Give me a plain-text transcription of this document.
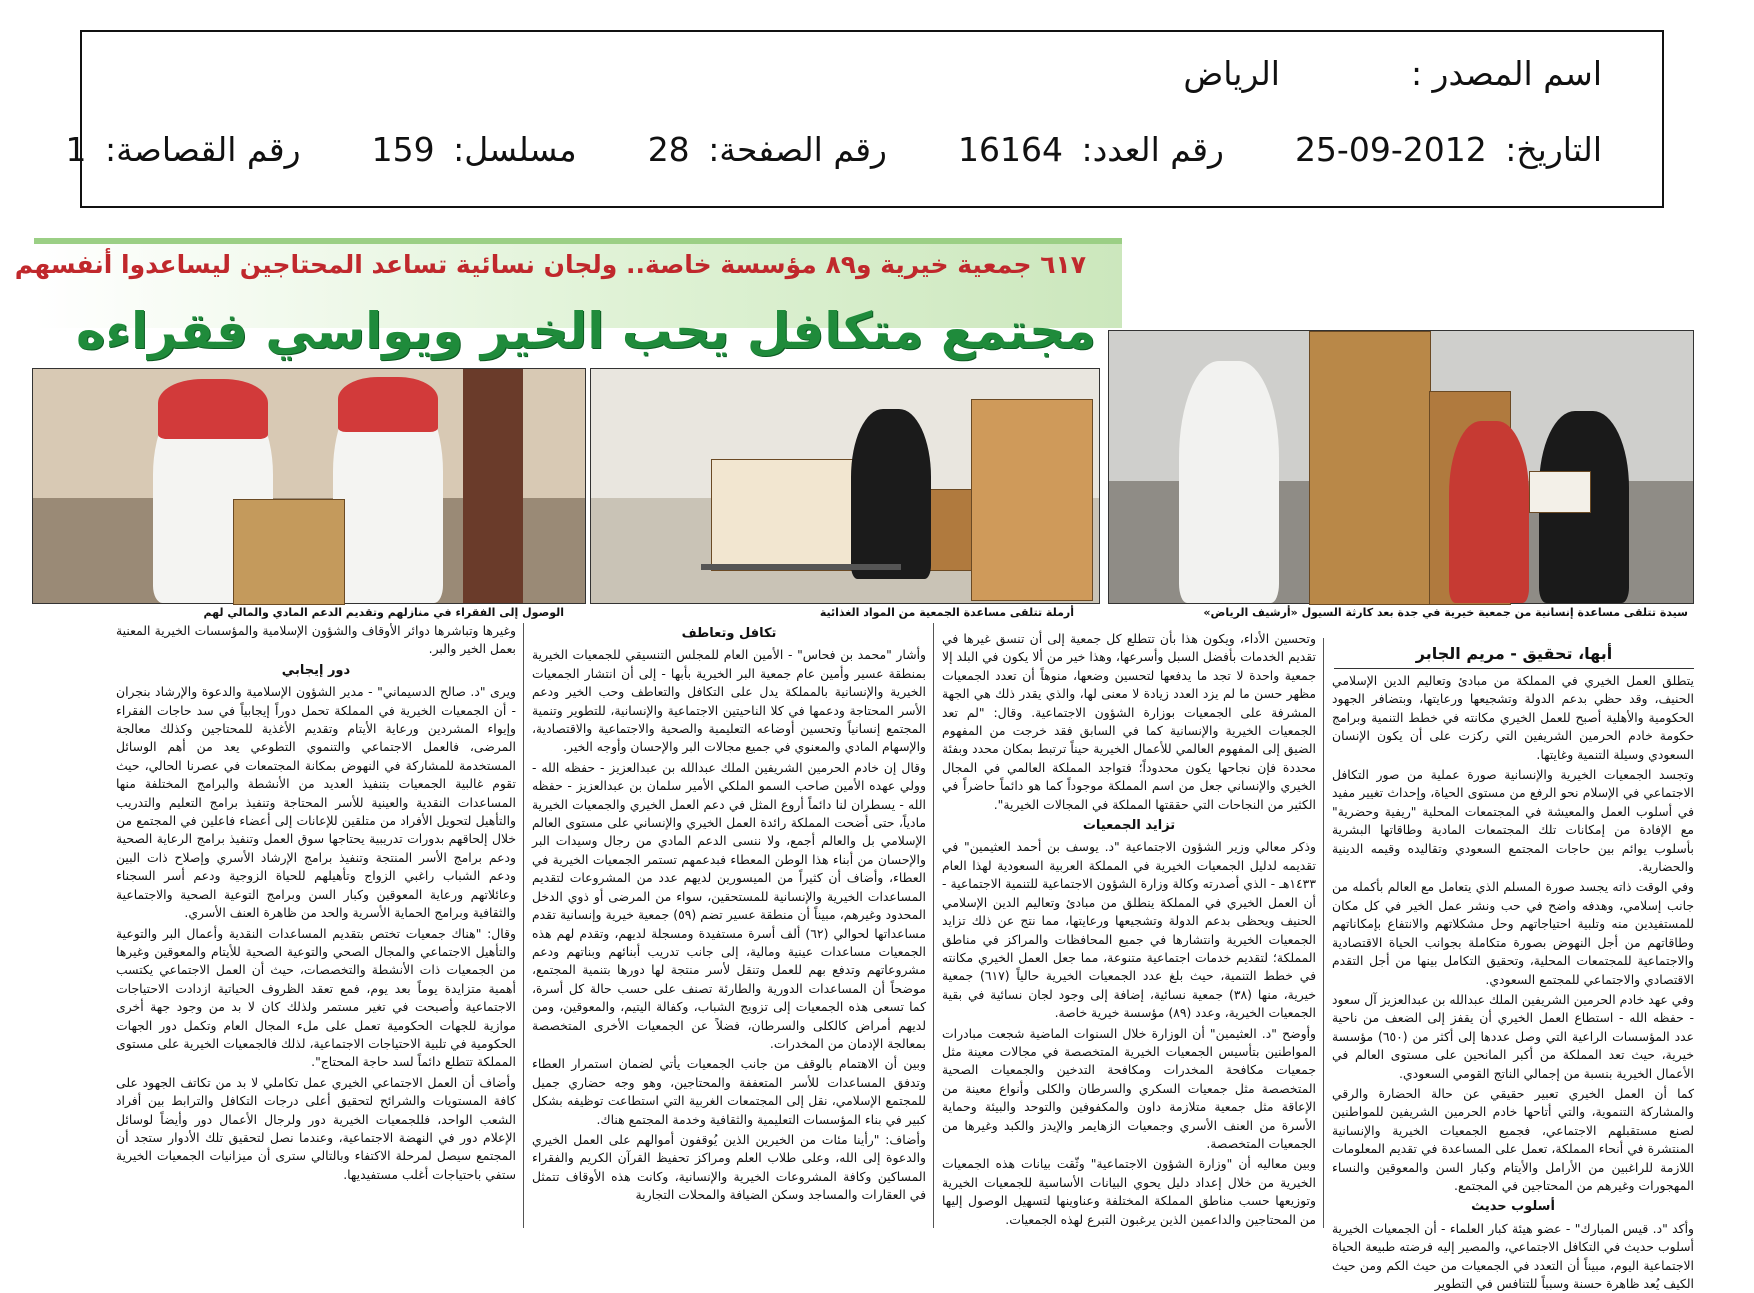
اسم المصدر :  الرياض
التاريخ: 25-09-2012  رقم العدد: 16164  رقم الصفحة: 28  مسلسل: 159  رقم القصاصة: 1
٦١٧ جمعية خيرية و٨٩ مؤسسة خاصة.. ولجان نسائية تساعد المحتاجين ليساعدوا أنفسهم
مجتمع متكافل يحب الخير ويواسي فقراءه
الوصول إلى الفقراء في منازلهم وتقديم الدعم المادي والمالي لهم	أرملة تتلقى مساعدة الجمعية من المواد الغذائية	سيدة تتلقى مساعدة إنسانية من جمعية خيرية في جدة بعد كارثة السيول «أرشيف الرياض»
أبها، تحقيق - مريم الجابر

يتطلق العمل الخيري في المملكة من مبادئ وتعاليم الدين الإسلامي الحنيف، وقد حظي بدعم الدولة وتشجيعها ورعايتها، وبتضافر الجهود الحكومية والأهلية أصبح للعمل الخيري مكانته في خطط التنمية وبرامج حكومة خادم الحرمين الشريفين التي ركزت على أن يكون الإنسان السعودي وسيلة التنمية وغايتها.

وتجسد الجمعيات الخيرية والإنسانية صورة عملية من صور التكافل الاجتماعي في الإسلام نحو الرفع من مستوى الحياة، وإحداث تغيير مفيد في أسلوب العمل والمعيشة في المجتمعات المحلية "ريفية وحضرية" مع الإفادة من إمكانات تلك المجتمعات المادية وطاقاتها البشرية بأسلوب يوائم بين حاجات المجتمع السعودي وتقاليده وقيمه الدينية والحضارية.

وفي الوقت ذاته يجسد صورة المسلم الذي يتعامل مع العالم بأكمله من جانب إسلامي، وهدفه واضح في حب ونشر عمل الخير في كل مكان للمستفيدين منه وتلبية احتياجاتهم وحل مشكلاتهم والانتفاع بإمكاناتهم وطاقاتهم من أجل النهوض بصورة متكاملة بجوانب الحياة الاقتصادية والاجتماعية للمجتمعات المحلية، وتحقيق التكامل بينها من أجل التقدم الاقتصادي والاجتماعي للمجتمع السعودي.

وفي عهد خادم الحرمين الشريفين الملك عبدالله بن عبدالعزيز آل سعود - حفظه الله - استطاع العمل الخيري أن يقفز إلى الضعف من ناحية عدد المؤسسات الراعية التي وصل عددها إلى أكثر من (٦٥٠) مؤسسة خيرية، حيث تعد المملكة من أكبر المانحين على مستوى العالم في الأعمال الخيرية بنسبة من إجمالي الناتج القومي السعودي.

كما أن العمل الخيري تعبير حقيقي عن حالة الحضارة والرقي والمشاركة التنموية، والتي أتاحها خادم الحرمين الشريفين للمواطنين لصنع مستقبلهم الاجتماعي، فجميع الجمعيات الخيرية والإنسانية المنتشرة في أنحاء المملكة، تعمل على المساعدة في تقديم المعلومات اللازمة للراغبين من الأرامل والأيتام وكبار السن والمعوقين والنساء المهجورات وغيرهم من المحتاجين في المجتمع.

أسلوب حديث

وأكد "د. قيس المبارك" - عضو هيئة كبار العلماء - أن الجمعيات الخيرية أسلوب حديث في التكافل الاجتماعي، والمصير إليه فرضته طبيعة الحياة الاجتماعية اليوم، مبيناً أن التعدد في الجمعيات من حيث الكم ومن حيث الكيف يُعد ظاهرة حسنة وسبباً للتنافس في التطوير

وتحسين الأداء، ويكون هذا بأن تتطلع كل جمعية إلى أن تنسق غيرها في تقديم الخدمات بأفضل السبل وأسرعها، وهذا خير من ألا يكون في البلد إلا جمعية واحدة لا تجد ما يدفعها لتحسين وضعها، منوهاً أن تعدد الجمعيات مظهر حسن ما لم يزد العدد زيادة لا معنى لها، والذي يقدر ذلك هي الجهة المشرفة على الجمعيات بوزارة الشؤون الاجتماعية. وقال: "لم تعد الجمعيات الخيرية والإنسانية كما في السابق فقد خرجت من المفهوم الضيق إلى المفهوم العالمي للأعمال الخيرية حيناً ترتبط بمكان محدد وبفئة محددة فإن نجاحها يكون محدوداً؛ فتواجد المملكة العالمي في المجال الخيري والإنساني جعل من اسم المملكة موجوداً كما هو دائماً حاضراً في الكثير من النجاحات التي حققتها المملكة في المجالات الخيرية".

تزايد الجمعيات

وذكر معالي وزير الشؤون الاجتماعية "د. يوسف بن أحمد العثيمين" في تقديمه لدليل الجمعيات الخيرية في المملكة العربية السعودية لهذا العام ١٤٣٣هـ - الذي أصدرته وكالة وزارة الشؤون الاجتماعية للتنمية الاجتماعية - أن العمل الخيري في المملكة ينطلق من مبادئ وتعاليم الدين الإسلامي الحنيف ويحظى بدعم الدولة وتشجيعها ورعايتها، مما نتج عن ذلك تزايد الجمعيات الخيرية وانتشارها في جميع المحافظات والمراكز في مناطق المملكة؛ لتقديم خدمات اجتماعية متنوعة، مما جعل العمل الخيري مكانته في خطط التنمية، حيث بلغ عدد الجمعيات الخيرية حالياً (٦١٧) جمعية خيرية، منها (٣٨) جمعية نسائية، إضافة إلى وجود لجان نسائية في بقية الجمعيات الخيرية، وعدد (٨٩) مؤسسة خيرية خاصة.

وأوضح "د. العثيمين" أن الوزارة خلال السنوات الماضية شجعت مبادرات المواطنين بتأسيس الجمعيات الخيرية المتخصصة في مجالات معينة مثل جمعيات مكافحة المخدرات ومكافحة التدخين والجمعيات الصحية المتخصصة مثل جمعيات السكري والسرطان والكلى وأنواع معينة من الإعاقة مثل جمعية متلازمة داون والمكفوفين والتوحد والبيئة وحماية الأسرة من العنف الأسري وجمعيات الزهايمر والإيدز والكبد وغيرها من الجمعيات المتخصصة.

وبين معاليه أن "وزارة الشؤون الاجتماعية" وثّقت بيانات هذه الجمعيات الخيرية من خلال إعداد دليل يحوي البيانات الأساسية للجمعيات الخيرية وتوزيعها حسب مناطق المملكة المختلفة وعناوينها لتسهيل الوصول إليها من المحتاجين والداعمين الذين يرغبون التبرع لهذه الجمعيات.

تكافل وتعاطف

وأشار "محمد بن فحاس" - الأمين العام للمجلس التنسيقي للجمعيات الخيرية بمنطقة عسير وأمين عام جمعية البر الخيرية بأبها - إلى أن انتشار الجمعيات الخيرية والإنسانية بالمملكة يدل على التكافل والتعاطف وحب الخير ودعم الأسر المحتاجة ودعمها في كلا الناحيتين الاجتماعية والإنسانية، للتطوير وتنمية المجتمع إنسانياً وتحسين أوضاعه التعليمية والصحية والاجتماعية والاقتصادية، والإسهام المادي والمعنوي في جميع مجالات البر والإحسان وأوجه الخير.

وقال إن خادم الحرمين الشريفين الملك عبدالله بن عبدالعزيز - حفظه الله - وولي عهده الأمين صاحب السمو الملكي الأمير سلمان بن عبدالعزيز - حفظه الله - يسطران لنا دائماً أروع المثل في دعم العمل الخيري والجمعيات الخيرية مادياً، حتى أضحت المملكة رائدة العمل الخيري والإنساني على مستوى العالم الإسلامي بل والعالم أجمع، ولا ننسى الدعم المادي من رجال وسيدات البر والإحسان من أبناء هذا الوطن المعطاء فبدعمهم تستمر الجمعيات الخيرية في العطاء، وأضاف أن كثيراً من الميسورين لديهم عدد من المشروعات لتقديم المساعدات الخيرية والإنسانية للمستحقين، سواء من المرضى أو ذوي الدخل المحدود وغيرهم، مبيناً أن منطقة عسير تضم (٥٩) جمعية خيرية وإنسانية تقدم مساعداتها لحوالي (٦٢) ألف أسرة مستفيدة ومسجلة لديهم، وتقدم لهم هذه الجمعيات مساعدات عينية ومالية، إلى جانب تدريب أبنائهم وبناتهم ودعم مشروعاتهم وتدفع بهم للعمل وتنقل لأسر منتجة لها دورها بتنمية المجتمع، موضحاً أن المساعدات الدورية والطارئة تصنف على حسب حالة كل أسرة، كما تسعى هذه الجمعيات إلى تزويج الشباب، وكفالة اليتيم، والمعوقين، ومن لديهم أمراض كالكلى والسرطان، فضلاً عن الجمعيات الأخرى المتخصصة بمعالجة الإدمان من المخدرات.

وبين أن الاهتمام بالوقف من جانب الجمعيات يأتي لضمان استمرار العطاء وتدفق المساعدات للأسر المتعففة والمحتاجين، وهو وجه حضاري جميل للمجتمع الإسلامي، نقل إلى المجتمعات الغربية التي استطاعت توظيفه بشكل كبير في بناء المؤسسات التعليمية والثقافية وخدمة المجتمع هناك.

وأضاف: "رأينا مئات من الخيرين الذين يُوقفون أموالهم على العمل الخيري والدعوة إلى الله، وعلى طلاب العلم ومراكز تحفيظ القرآن الكريم والفقراء المساكين وكافة المشروعات الخيرية والإنسانية، وكانت هذه الأوقاف تتمثل في العقارات والمساجد وسكن الضيافة والمحلات التجارية

وغيرها وتباشرها دوائر الأوقاف والشؤون الإسلامية والمؤسسات الخيرية المعنية بعمل الخير والبر.

دور إيجابي

ويرى "د. صالح الدسيماني" - مدير الشؤون الإسلامية والدعوة والإرشاد بنجران - أن الجمعيات الخيرية في المملكة تحمل دوراً إيجابياً في سد حاجات الفقراء وإيواء المشردين ورعاية الأيتام وتقديم الأغذية للمحتاجين وكذلك معالجة المرضى، فالعمل الاجتماعي والتنموي التطوعي يعد من أهم الوسائل المستخدمة للمشاركة في النهوض بمكانة المجتمعات في عصرنا الحالي، حيث تقوم غالبية الجمعيات بتنفيذ العديد من الأنشطة والبرامج المختلفة منها المساعدات النقدية والعينية للأسر المحتاجة وتنفيذ برامج التعليم والتدريب والتأهيل لتحويل الأفراد من متلقين للإعانات إلى أعضاء فاعلين في المجتمع من خلال إلحاقهم بدورات تدريبية يحتاجها سوق العمل وتنفيذ برامج الرعاية الصحية ودعم برامج الأسر المنتجة وتنفيذ برامج الإرشاد الأسري وإصلاح ذات البين ودعم الشباب راغبي الزواج وتأهيلهم للحياة الزوجية ودعم أسر السجناء وعائلاتهم ورعاية المعوقين وكبار السن وبرامج التوعية الصحية والاجتماعية والثقافية وبرامج الحماية الأسرية والحد من ظاهرة العنف الأسري.

وقال: "هناك جمعيات تختص بتقديم المساعدات النقدية وأعمال البر والتوعية والتأهيل الاجتماعي والمجال الصحي والتوعية الصحية للأيتام والمعوقين وغيرها من الجمعيات ذات الأنشطة والتخصصات، حيث أن العمل الاجتماعي يكتسب أهمية متزايدة يوماً بعد يوم، فمع تعقد الظروف الحياتية ازدادت الاحتياجات الاجتماعية وأصبحت في تغير مستمر ولذلك كان لا بد من وجود جهة أخرى موازية للجهات الحكومية تعمل على ملء المجال العام وتكمل دور الجهات الحكومية في تلبية الاحتياجات الاجتماعية، لذلك فالجمعيات الخيرية على مستوى المملكة تتطلع دائماً لسد حاجة المحتاج".

وأضاف أن العمل الاجتماعي الخيري عمل تكاملي لا بد من تكاتف الجهود على كافة المستويات والشرائح لتحقيق أعلى درجات التكافل والترابط بين أفراد الشعب الواحد، فللجمعيات الخيرية دور ولرجال الأعمال دور وأيضاً لوسائل الإعلام دور في النهضة الاجتماعية، وعندما نصل لتحقيق تلك الأدوار ستجد أن المجتمع سيصل لمرحلة الاكتفاء وبالتالي سترى أن ميزانيات الجمعيات الخيرية ستفي باحتياجات أغلب مستفيديها.
